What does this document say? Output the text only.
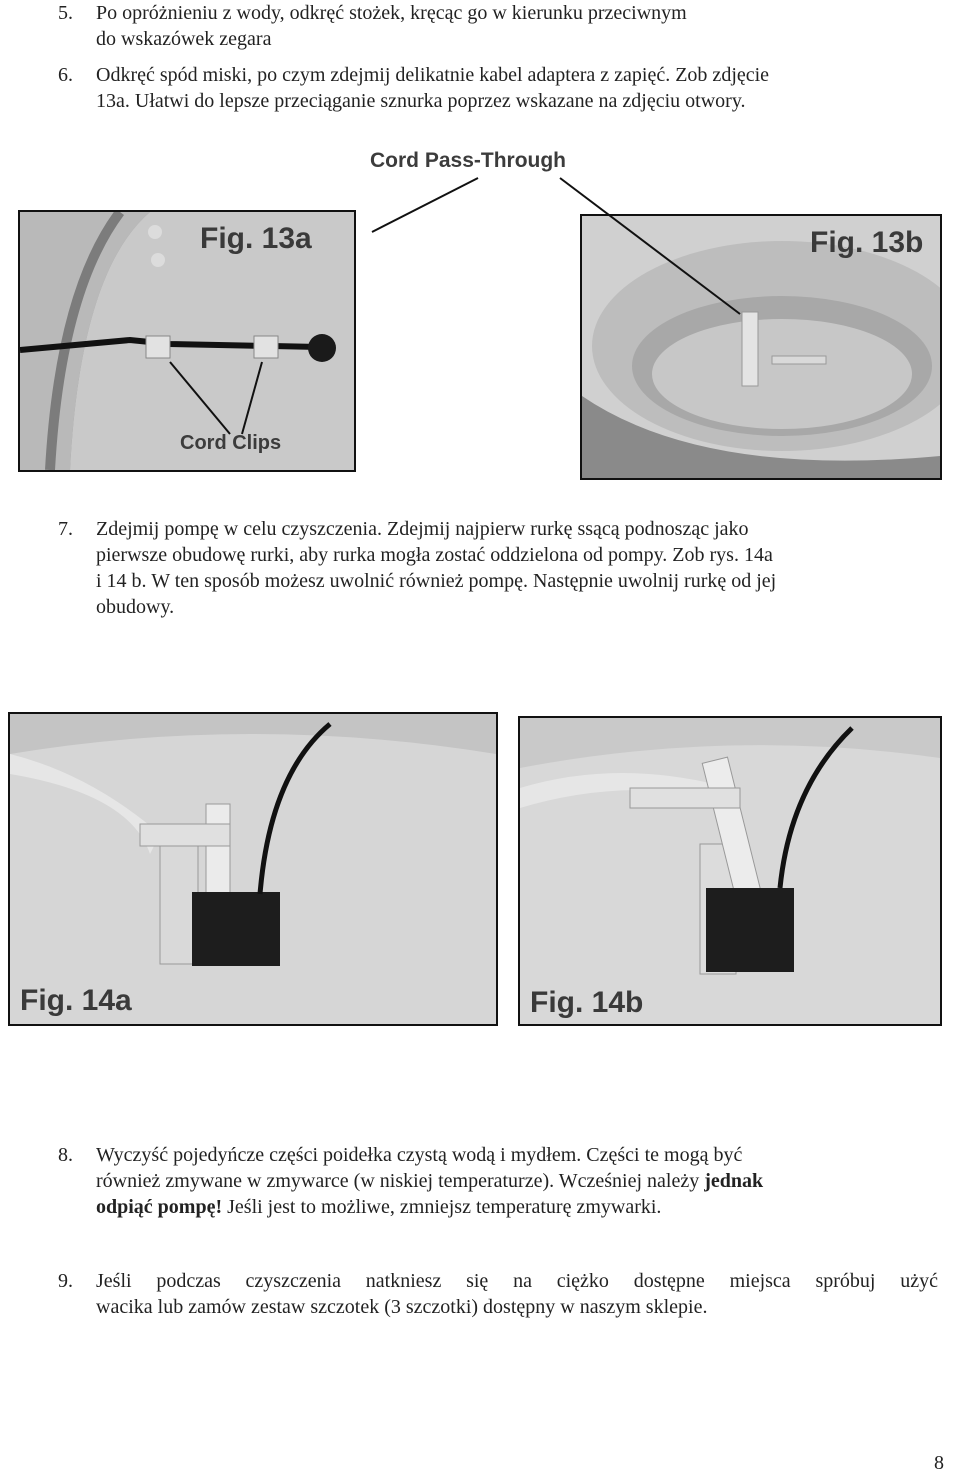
5.	Po opróżnieniu z wody, odkręć stożek, kręcąc go w kierunku przeciwnym
do wskazówek zegara
6.	Odkręć spód miski, po czym zdejmij delikatnie kabel adaptera z zapięć. Zob zdjęcie
13a. Ułatwi do lepsze przeciąganie sznurka poprzez wskazane na zdjęciu otwory.
Fig. 13a	Fig. 13b
Cord Pass-Through
Cord Clips
7.	Zdejmij pompę w celu czyszczenia. Zdejmij najpierw rurkę ssącą podnosząc jako
pierwsze obudowę rurki, aby rurka mogła zostać oddzielona od pompy. Zob rys. 14a
i 14 b. W ten sposób możesz uwolnić również pompę. Następnie uwolnij rurkę od jej
obudowy.
Fig. 14a	Fig. 14b
8.	Wyczyść pojedyńcze części poidełka czystą wodą i mydłem. Części te mogą być
również zmywane w zmywarce (w niskiej temperaturze). Wcześniej należy jednak
odpiąć pompę! Jeśli jest to możliwe, zmniejsz temperaturę zmywarki.
9.	Jeśli podczas czyszczenia natkniesz się na ciężko dostępne miejsca spróbuj użyć
wacika lub zamów zestaw szczotek (3 szczotki) dostępny w naszym sklepie.
8
